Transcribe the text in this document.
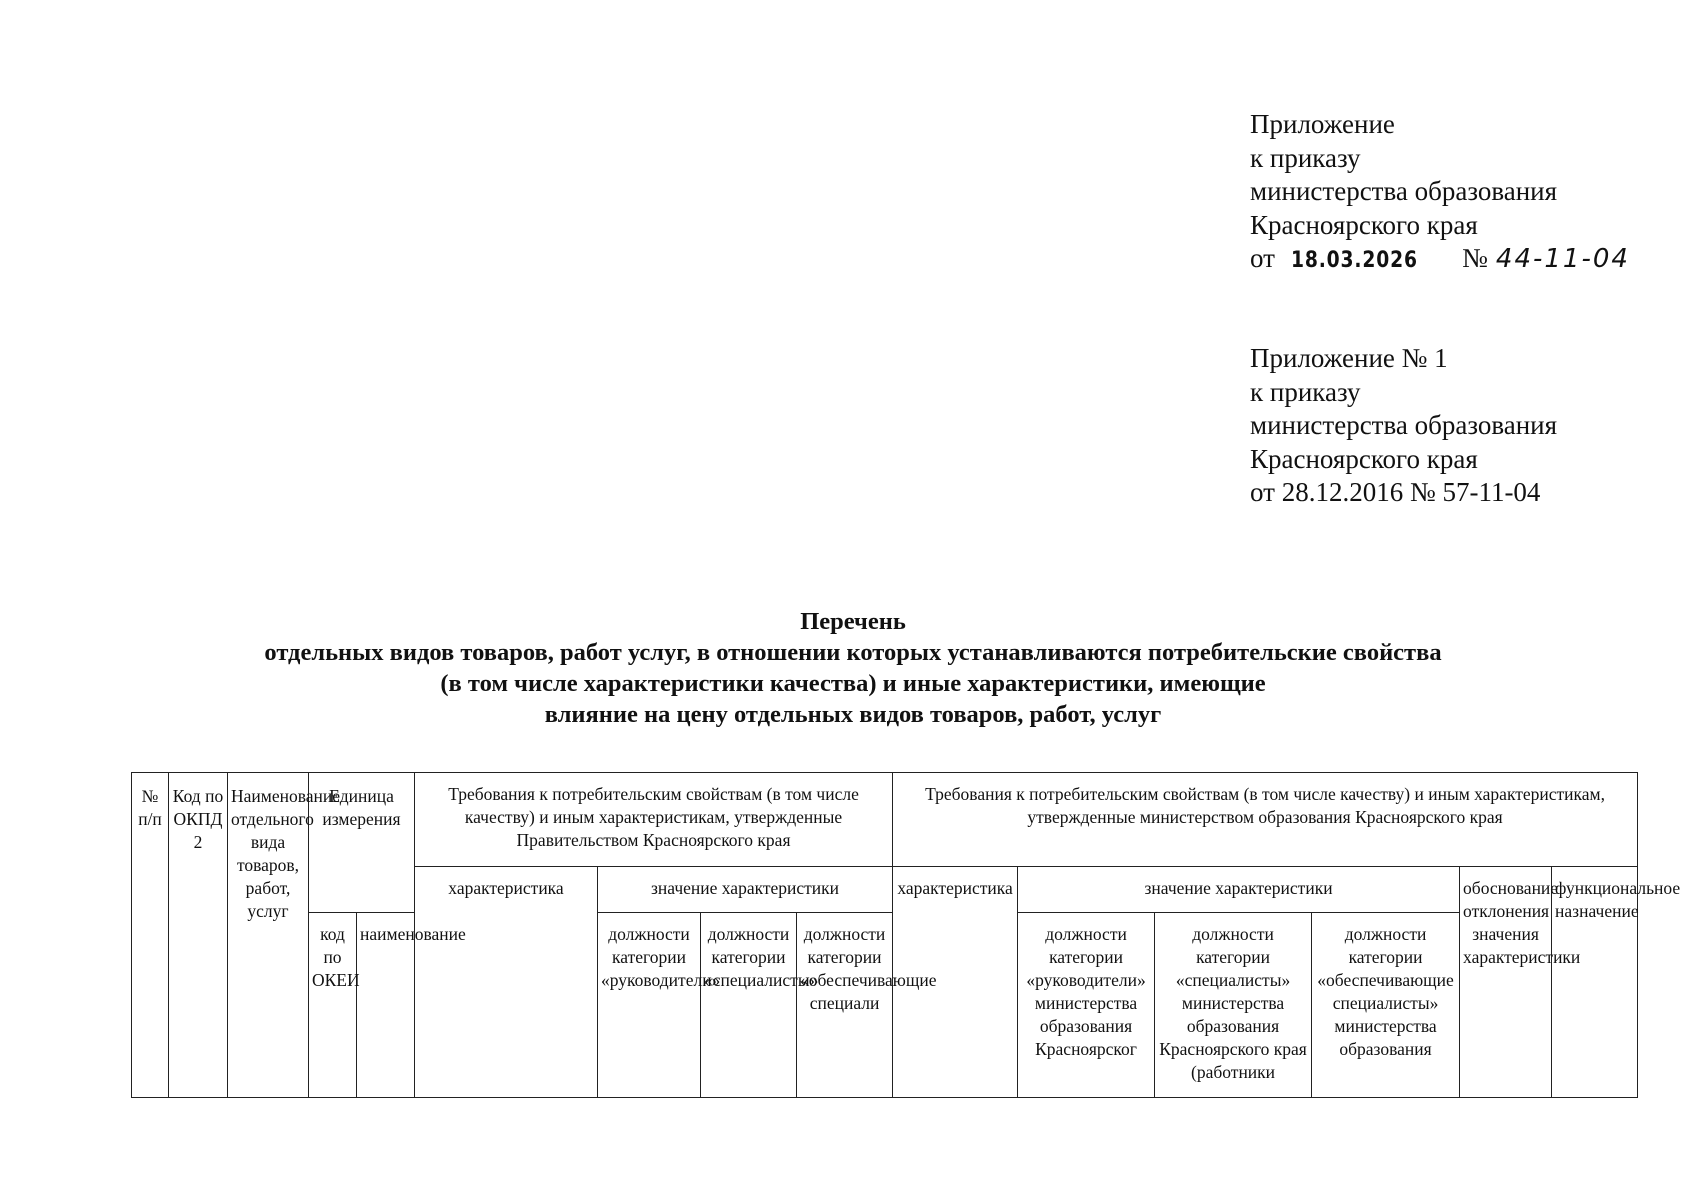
Приложение
к приказу
министерства образования
Красноярского края
от 18.03.2026 № 44-11-04
Приложение № 1
к приказу
министерства образования
Красноярского края
от 28.12.2016 № 57-11-04
Перечень
отдельных видов товаров, работ услуг, в отношении которых устанавливаются потребительские свойства
(в том числе характеристики качества) и иные характеристики, имеющие
влияние на цену отдельных видов товаров, работ, услуг
№ п/п	Код по ОКПД 2	Наименование отдельного вида товаров, работ, услуг	Единица измерения		Требования к потребительским свойствам (в том числе качеству) и иным характеристикам, утвержденные Правительством Красноярского края				Требования к потребительским свойствам (в том числе качеству) и иным характеристикам, утвержденные министерством образования Красноярского края					
					характеристика	значение характеристики			характеристика	значение характеристики			обоснование отклонения значения характеристики	функциональное назначение
			код по ОКЕИ	наименование		должности категории «руководители»	должности категории «специалисты»	должности категории «обеспечивающие специали		должности категории «руководители» министерства образования Красноярског	должности категории «специалисты» министерства образования Красноярского края (работники	должности категории «обеспечивающие специалисты» министерства образования		
